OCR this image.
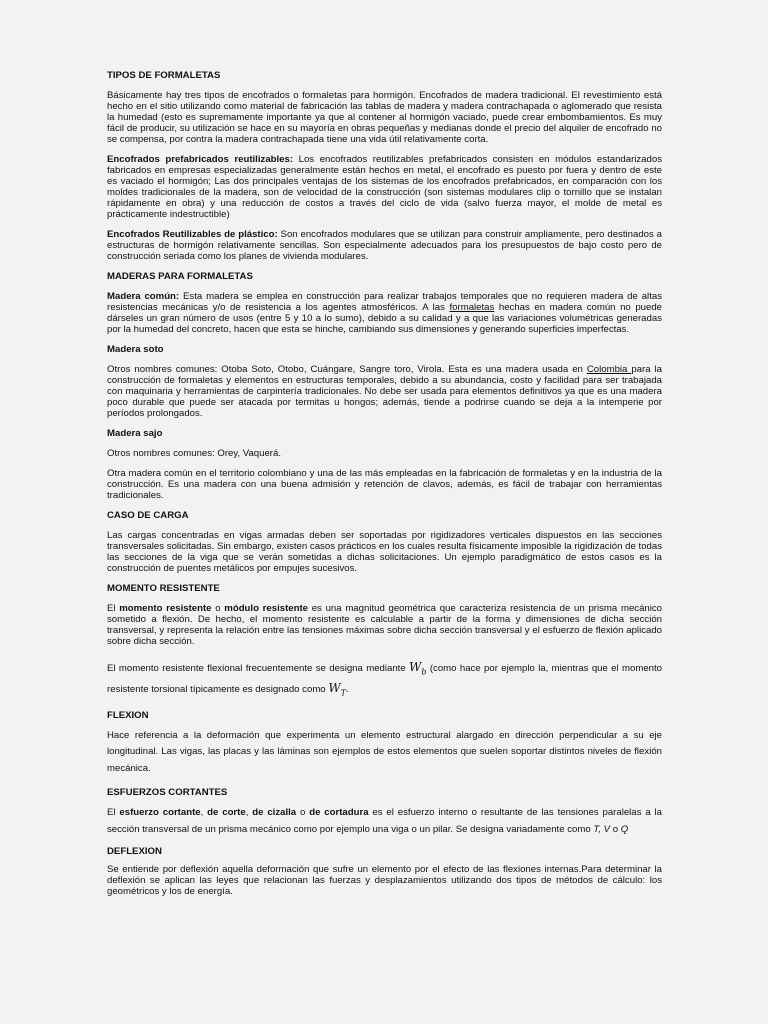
TIPOS DE FORMALETAS

Básicamente hay tres tipos de encofrados o formaletas para hormigón. Encofrados de madera tradicional. El revestimiento está hecho en el sitio utilizando como material de fabricación las tablas de madera y madera contrachapada o aglomerado que resista la humedad (esto es supremamente importante ya que al contener al hormigón vaciado, puede crear embombamientos. Es muy fácil de producir, su utilización se hace en su mayoría en obras pequeñas y medianas donde el precio del alquiler de encofrado no se compensa, por contra la madera contrachapada tiene una vida útil relativamente corta.

Encofrados prefabricados reutilizables: Los encofrados reutilizables prefabricados consisten en módulos estandarizados fabricados en empresas especializadas generalmente están hechos en metal, el encofrado es puesto por fuera y dentro de este es vaciado el hormigón; Las dos principales ventajas de los sistemas de los encofrados prefabricados, en comparación con los moldes tradicionales de la madera, son de velocidad de la construcción (son sistemas modulares clip o tornillo que se instalan rápidamente en obra) y una reducción de costos a través del ciclo de vida (salvo fuerza mayor, el molde de metal es prácticamente indestructible)

Encofrados Reutilizables de plástico: Son encofrados modulares que se utilizan para construir ampliamente, pero destinados a estructuras de hormigón relativamente sencillas. Son especialmente adecuados para los presupuestos de bajo costo pero de construcción seriada como los planes de vivienda modulares.

MADERAS PARA FORMALETAS

Madera común: Esta madera se emplea en construcción para realizar trabajos temporales que no requieren madera de altas resistencias mecánicas y/o de resistencia a los agentes atmosféricos. A las formaletas hechas en madera común no puede dárseles un gran número de usos (entre 5 y 10 a lo sumo), debido a su calidad y a que las variaciones volumétricas generadas por la humedad del concreto, hacen que esta se hinche, cambiando sus dimensiones y generando superficies imperfectas.

Madera soto

Otros nombres comunes: Otoba Soto, Otobo, Cuángare, Sangre toro, Virola. Esta es una madera usada en Colombia para la construcción de formaletas y elementos en estructuras temporales, debido a su abundancia, costo y facilidad para ser trabajada con maquinaria y herramientas de carpintería tradicionales. No debe ser usada para elementos definitivos ya que es una madera poco durable que puede ser atacada por termitas u hongos; además, tiende a podrirse cuando se deja a la intemperie por períodos prolongados.

Madera sajo

Otros nombres comunes: Orey, Vaquerá.

Otra madera común en el territorio colombiano y una de las más empleadas en la fabricación de formaletas y en la industria de la construcción. Es una madera con una buena admisión y retención de clavos, además, es fácil de trabajar con herramientas tradicionales.

CASO DE CARGA

Las cargas concentradas en vigas armadas deben ser soportadas por rigidizadores verticales dispuestos en las secciones transversales solicitadas. Sin embargo, existen casos prácticos en los cuales resulta físicamente imposible la rigidización de todas las secciones de la viga que se verán sometidas a dichas solicitaciones. Un ejemplo paradigmático de estos casos es la construcción de puentes metálicos por empujes sucesivos.

MOMENTO RESISTENTE

El momento resistente o módulo resistente es una magnitud geométrica que caracteriza resistencia de un prisma mecánico sometido a flexión. De hecho, el momento resistente es calculable a partir de la forma y dimensiones de dicha sección transversal, y representa la relación entre las tensiones máximas sobre dicha sección transversal y el esfuerzo de flexión aplicado sobre dicha sección.

El momento resistente flexional frecuentemente se designa mediante $W_b$ (como hace por ejemplo la, mientras que el momento resistente torsional típicamente es designado como $W_T$.

FLEXION

Hace referencia a la deformación que experimenta un elemento estructural alargado en dirección perpendicular a su eje longitudinal. Las vigas, las placas y las láminas son ejemplos de estos elementos que suelen soportar distintos niveles de flexión mecánica.

ESFUERZOS CORTANTES

El esfuerzo cortante, de corte, de cizalla o de cortadura es el esfuerzo interno o resultante de las tensiones paralelas a la sección transversal de un prisma mecánico como por ejemplo una viga o un pilar. Se designa variadamente como T, V o Q

DEFLEXION

Se entiende por deflexión aquella deformación que sufre un elemento por el efecto de las flexiones internas.Para determinar la deflexión se aplican las leyes que relacionan las fuerzas y desplazamientos utilizando dos tipos de métodos de cálculo: los geométricos y los de energía.
